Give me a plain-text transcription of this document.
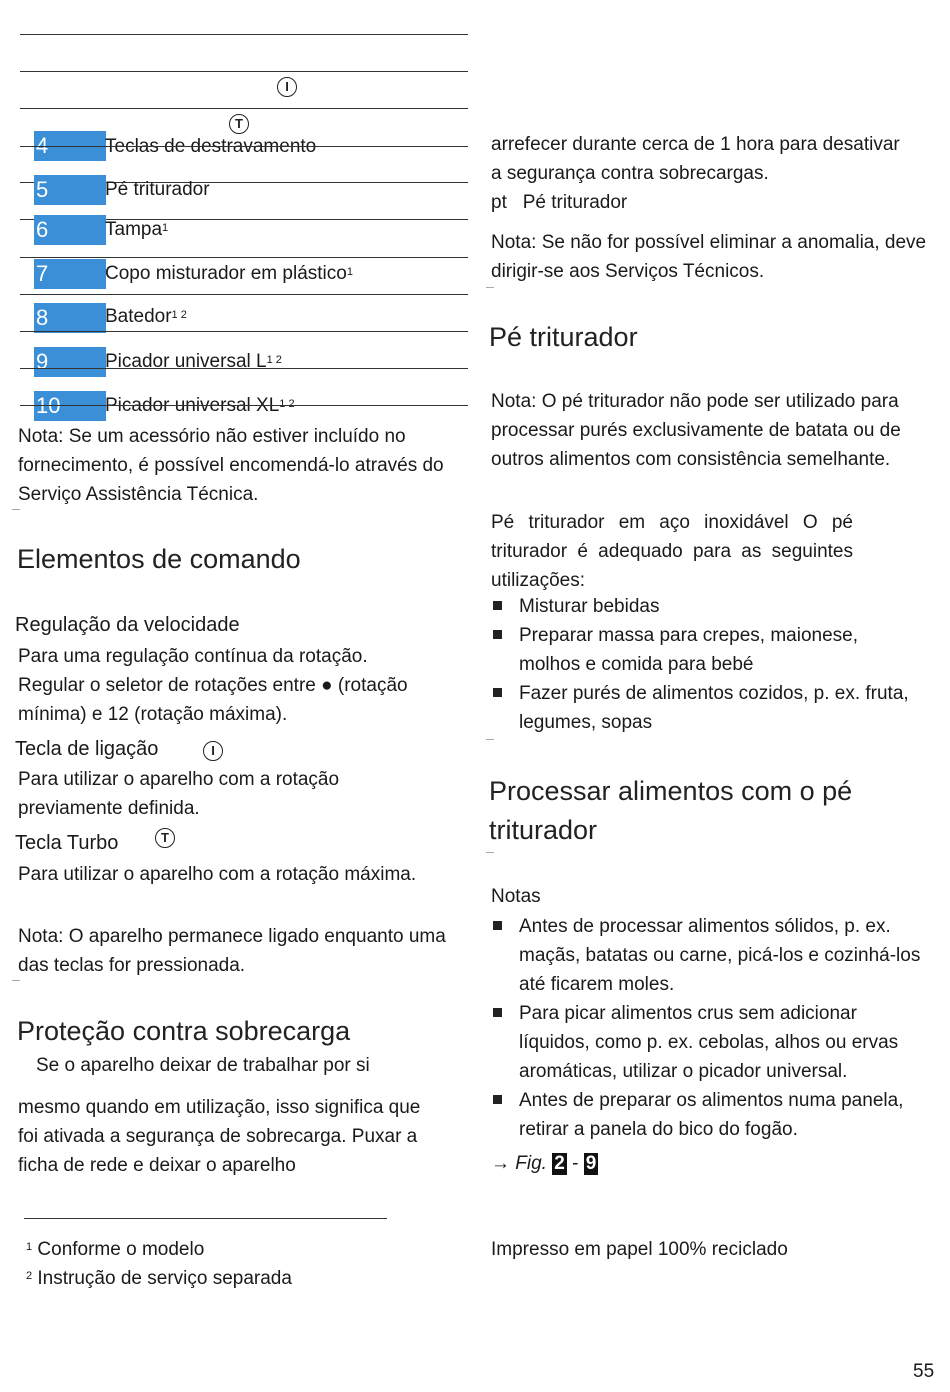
I
T
4	Teclas de destravamento
5	Pé triturador
6	Tampa$^1$
7	Copo misturador em plástico$^1$
8	Batedor$^{1 2}$
9	Picador universal $L^{1 2}$
10	Picador universal $XL^{1 2}$
Nota: Se um acessório não estiver incluído no fornecimento, é possível encomendá-lo através do Serviço Assistência Técnica.
Elementos de comando
Regulação da velocidade
Para uma regulação contínua da rotação. Regular o seletor de rotações entre ● (rotação mínima) e 12 (rotação máxima).
Tecla de ligação	I
Para utilizar o aparelho com a rotação previamente definida.
Tecla Turbo	T
Para utilizar o aparelho com a rotação máxima.
Nota: O aparelho permanece ligado enquanto uma das teclas for pressionada.
Proteção contra sobrecarga
Se o aparelho deixar de trabalhar por si
mesmo quando em utilização, isso significa que foi ativada a segurança de sobrecarga. Puxar a ficha de rede e deixar o aparelho
$^1$ Conforme o modelo
$^2$ Instrução de serviço separada
arrefecer durante cerca de 1 hora para desativar a segurança contra sobrecargas.
pt Pé triturador
Nota: Se não for possível eliminar a anomalia, deve dirigir-se aos Serviços Técnicos.
Pé triturador
Nota: O pé triturador não pode ser utilizado para processar purés exclusivamente de batata ou de outros alimentos com consistência semelhante.
Pé triturador em aço inoxidável O pé triturador é adequado para as seguintes utilizações:
Misturar bebidas
Preparar massa para crepes, maionese, molhos e comida para bebé
Fazer purés de alimentos cozidos, p. ex. fruta, legumes, sopas
Processar alimentos com o pé triturador
Notas
Antes de processar alimentos sólidos, p. ex. maçãs, batatas ou carne, picá-los e cozinhá-los até ficarem moles.
Para picar alimentos crus sem adicionar líquidos, como p. ex. cebolas, alhos ou ervas aromáticas, utilizar o picador universal.
Antes de preparar os alimentos numa panela, retirar a panela do bico do fogão.
→ Fig. 2 - 9
Impresso em papel 100% reciclado
55
